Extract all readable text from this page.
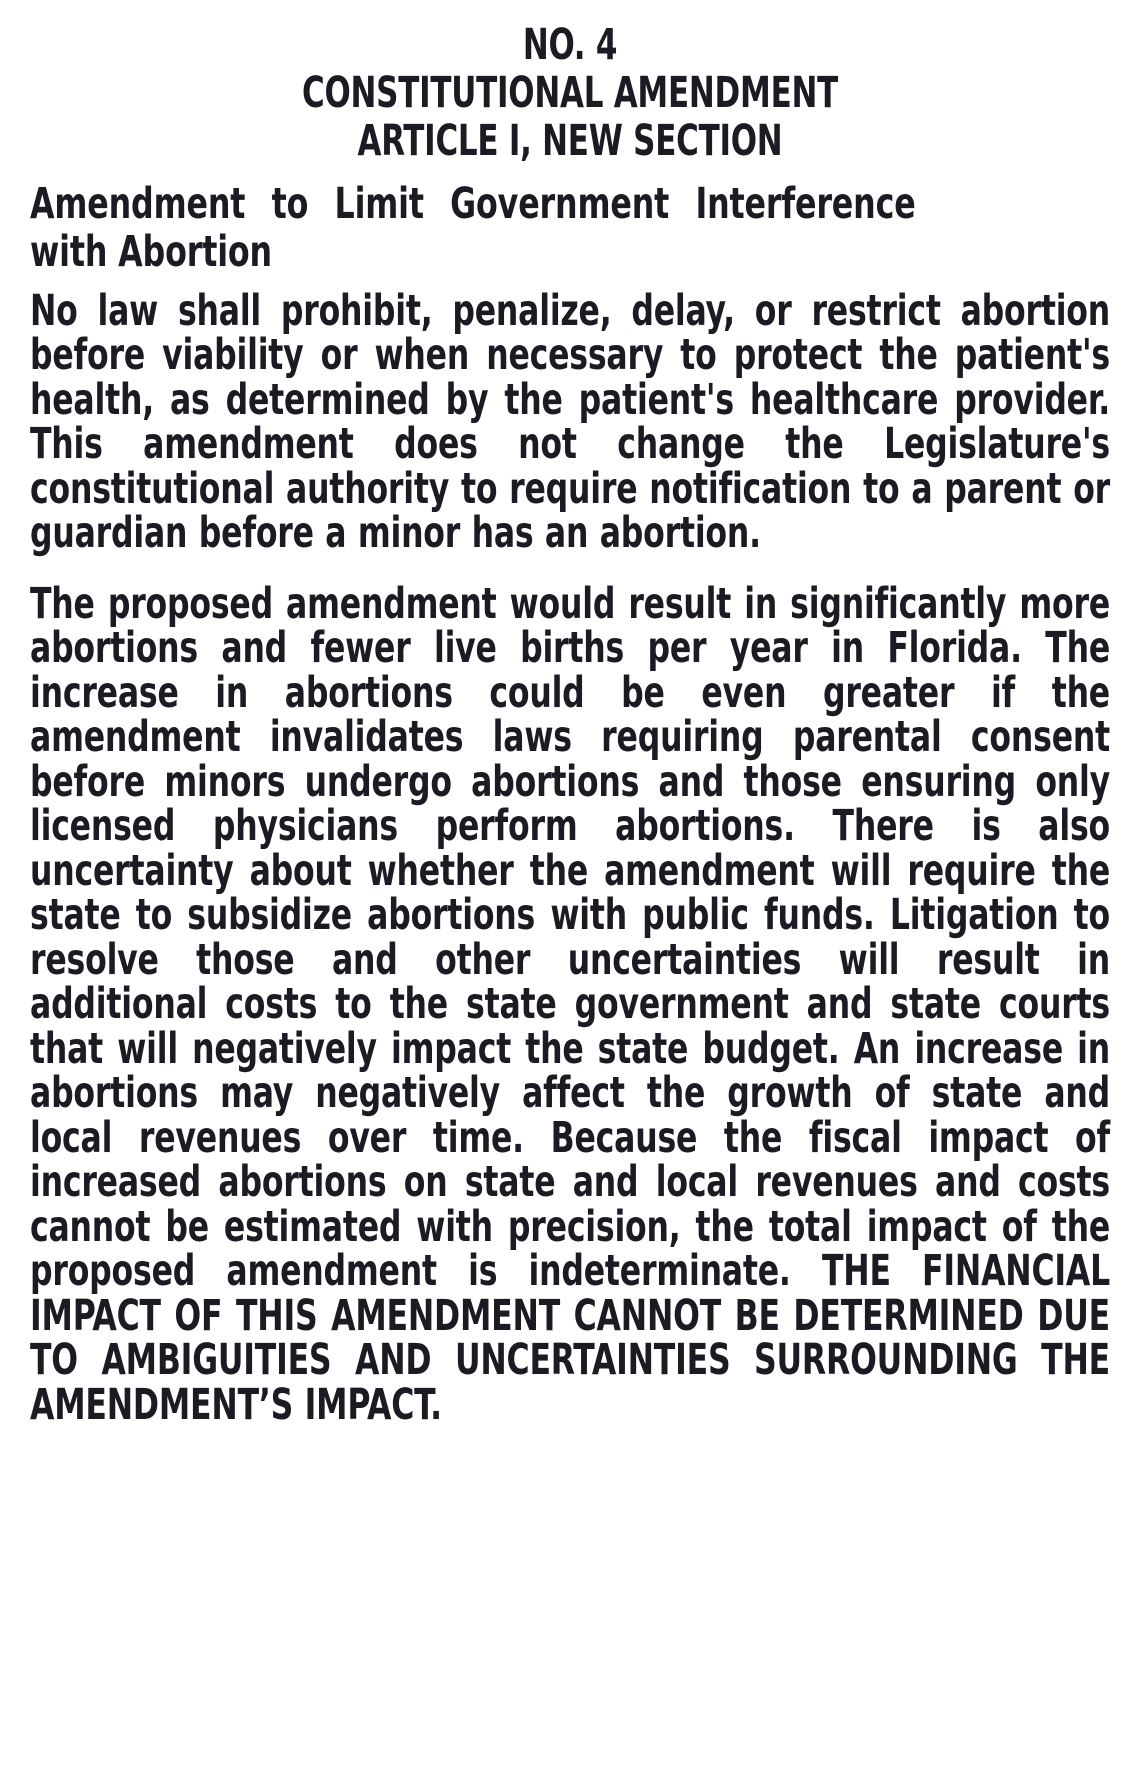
NO. 4
CONSTITUTIONAL AMENDMENT
ARTICLE I, NEW SECTION
Amendment to Limit Government Interference with Abortion

No law shall prohibit, penalize, delay, or restrict abortion before viability or when necessary to protect the patient's health, as determined by the patient's healthcare provider. This amendment does not change the Legislature's constitutional authority to require notification to a parent or guardian before a minor has an abortion.

The proposed amendment would result in significantly more abortions and fewer live births per year in Florida. The increase in abortions could be even greater if the amendment invalidates laws requiring parental consent before minors undergo abortions and those ensuring only licensed physicians perform abortions. There is also uncertainty about whether the amendment will require the state to subsidize abortions with public funds. Litigation to resolve those and other uncertainties will result in additional costs to the state government and state courts that will negatively impact the state budget. An increase in abortions may negatively affect the growth of state and local revenues over time. Because the fiscal impact of increased abortions on state and local revenues and costs cannot be estimated with precision, the total impact of the proposed amendment is indeterminate. THE FINANCIAL IMPACT OF THIS AMENDMENT CANNOT BE DETERMINED DUE TO AMBIGUITIES AND UNCERTAINTIES SURROUNDING THE AMENDMENT’S IMPACT.
